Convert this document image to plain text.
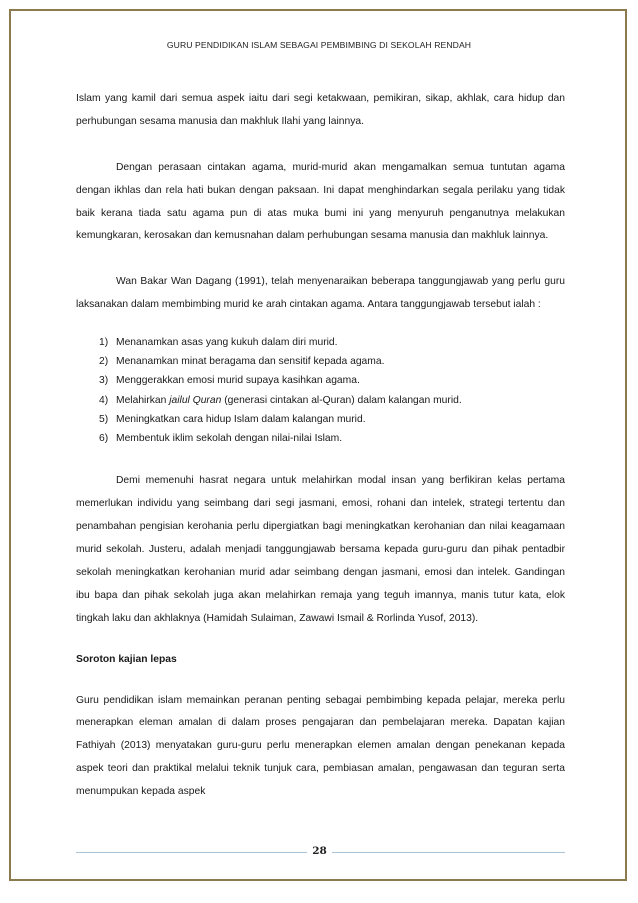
GURU PENDIDIKAN ISLAM SEBAGAI PEMBIMBING DI SEKOLAH RENDAH

Islam yang kamil dari semua aspek iaitu dari segi ketakwaan, pemikiran, sikap, akhlak, cara hidup dan perhubungan sesama manusia dan makhluk Ilahi yang lainnya.

Dengan perasaan cintakan agama, murid-murid akan mengamalkan semua tuntutan agama dengan ikhlas dan rela hati bukan dengan paksaan. Ini dapat menghindarkan segala perilaku yang tidak baik kerana tiada satu agama pun di atas muka bumi ini yang menyuruh penganutnya melakukan kemungkaran, kerosakan dan kemusnahan dalam perhubungan sesama manusia dan makhluk lainnya.

Wan Bakar Wan Dagang (1991), telah menyenaraikan beberapa tanggungjawab yang perlu guru laksanakan dalam membimbing murid ke arah cintakan agama. Antara tanggungjawab tersebut ialah :

1) Menanamkan asas yang kukuh dalam diri murid.
2) Menanamkan minat beragama dan sensitif kepada agama.
3) Menggerakkan emosi murid supaya kasihkan agama.
4) Melahirkan jailul Quran (generasi cintakan al-Quran) dalam kalangan murid.
5) Meningkatkan cara hidup Islam dalam kalangan murid.
6) Membentuk iklim sekolah dengan nilai-nilai Islam.

Demi memenuhi hasrat negara untuk melahirkan modal insan yang berfikiran kelas pertama memerlukan individu yang seimbang dari segi jasmani, emosi, rohani dan intelek, strategi tertentu dan penambahan pengisian kerohania perlu dipergiatkan bagi meningkatkan kerohanian dan nilai keagamaan murid sekolah. Justeru, adalah menjadi tanggungjawab bersama kepada guru-guru dan pihak pentadbir sekolah meningkatkan kerohanian murid adar seimbang dengan jasmani, emosi dan intelek. Gandingan ibu bapa dan pihak sekolah juga akan melahirkan remaja yang teguh imannya, manis tutur kata, elok tingkah laku dan akhlaknya (Hamidah Sulaiman, Zawawi Ismail & Rorlinda Yusof, 2013).

Soroton kajian lepas

Guru pendidikan islam memainkan peranan penting sebagai pembimbing kepada pelajar, mereka perlu menerapkan eleman amalan di dalam proses pengajaran dan pembelajaran mereka. Dapatan kajian Fathiyah (2013) menyatakan guru-guru perlu menerapkan elemen amalan dengan penekanan kepada aspek teori dan praktikal melalui teknik tunjuk cara, pembiasan amalan, pengawasan dan teguran serta menumpukan kepada aspek

28
